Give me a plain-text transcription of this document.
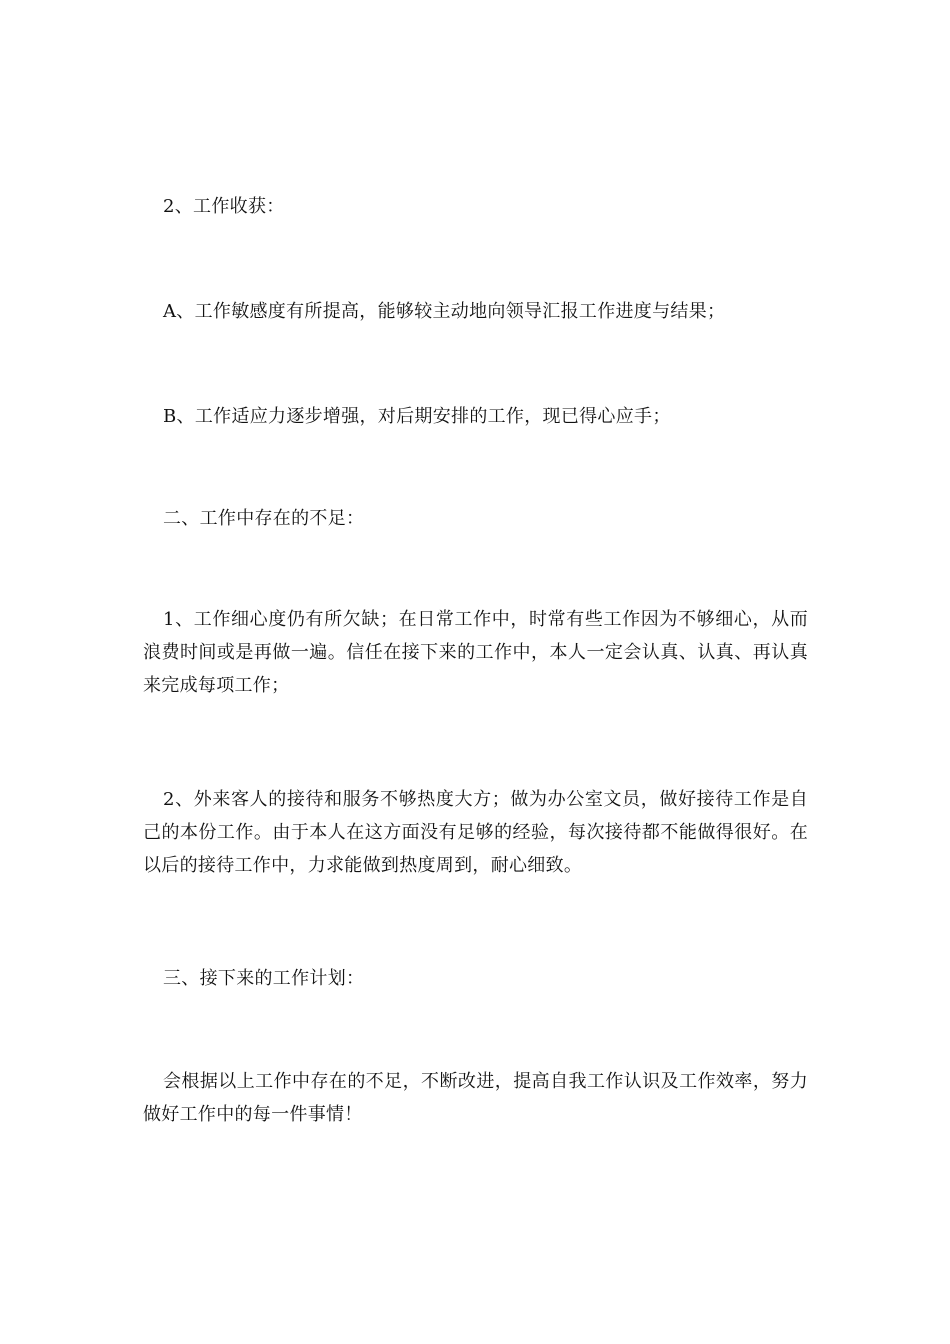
2、工作收获：

A、工作敏感度有所提高，能够较主动地向领导汇报工作进度与结果；

B、工作适应力逐步增强，对后期安排的工作，现已得心应手；

二、工作中存在的不足：

1、工作细心度仍有所欠缺；在日常工作中，时常有些工作因为不够细心，从而浪费时间或是再做一遍。信任在接下来的工作中，本人一定会认真、认真、再认真来完成每项工作；

2、外来客人的接待和服务不够热度大方；做为办公室文员，做好接待工作是自己的本份工作。由于本人在这方面没有足够的经验，每次接待都不能做得很好。在以后的接待工作中，力求能做到热度周到，耐心细致。

三、接下来的工作计划：

会根据以上工作中存在的不足，不断改进，提高自我工作认识及工作效率，努力做好工作中的每一件事情！
